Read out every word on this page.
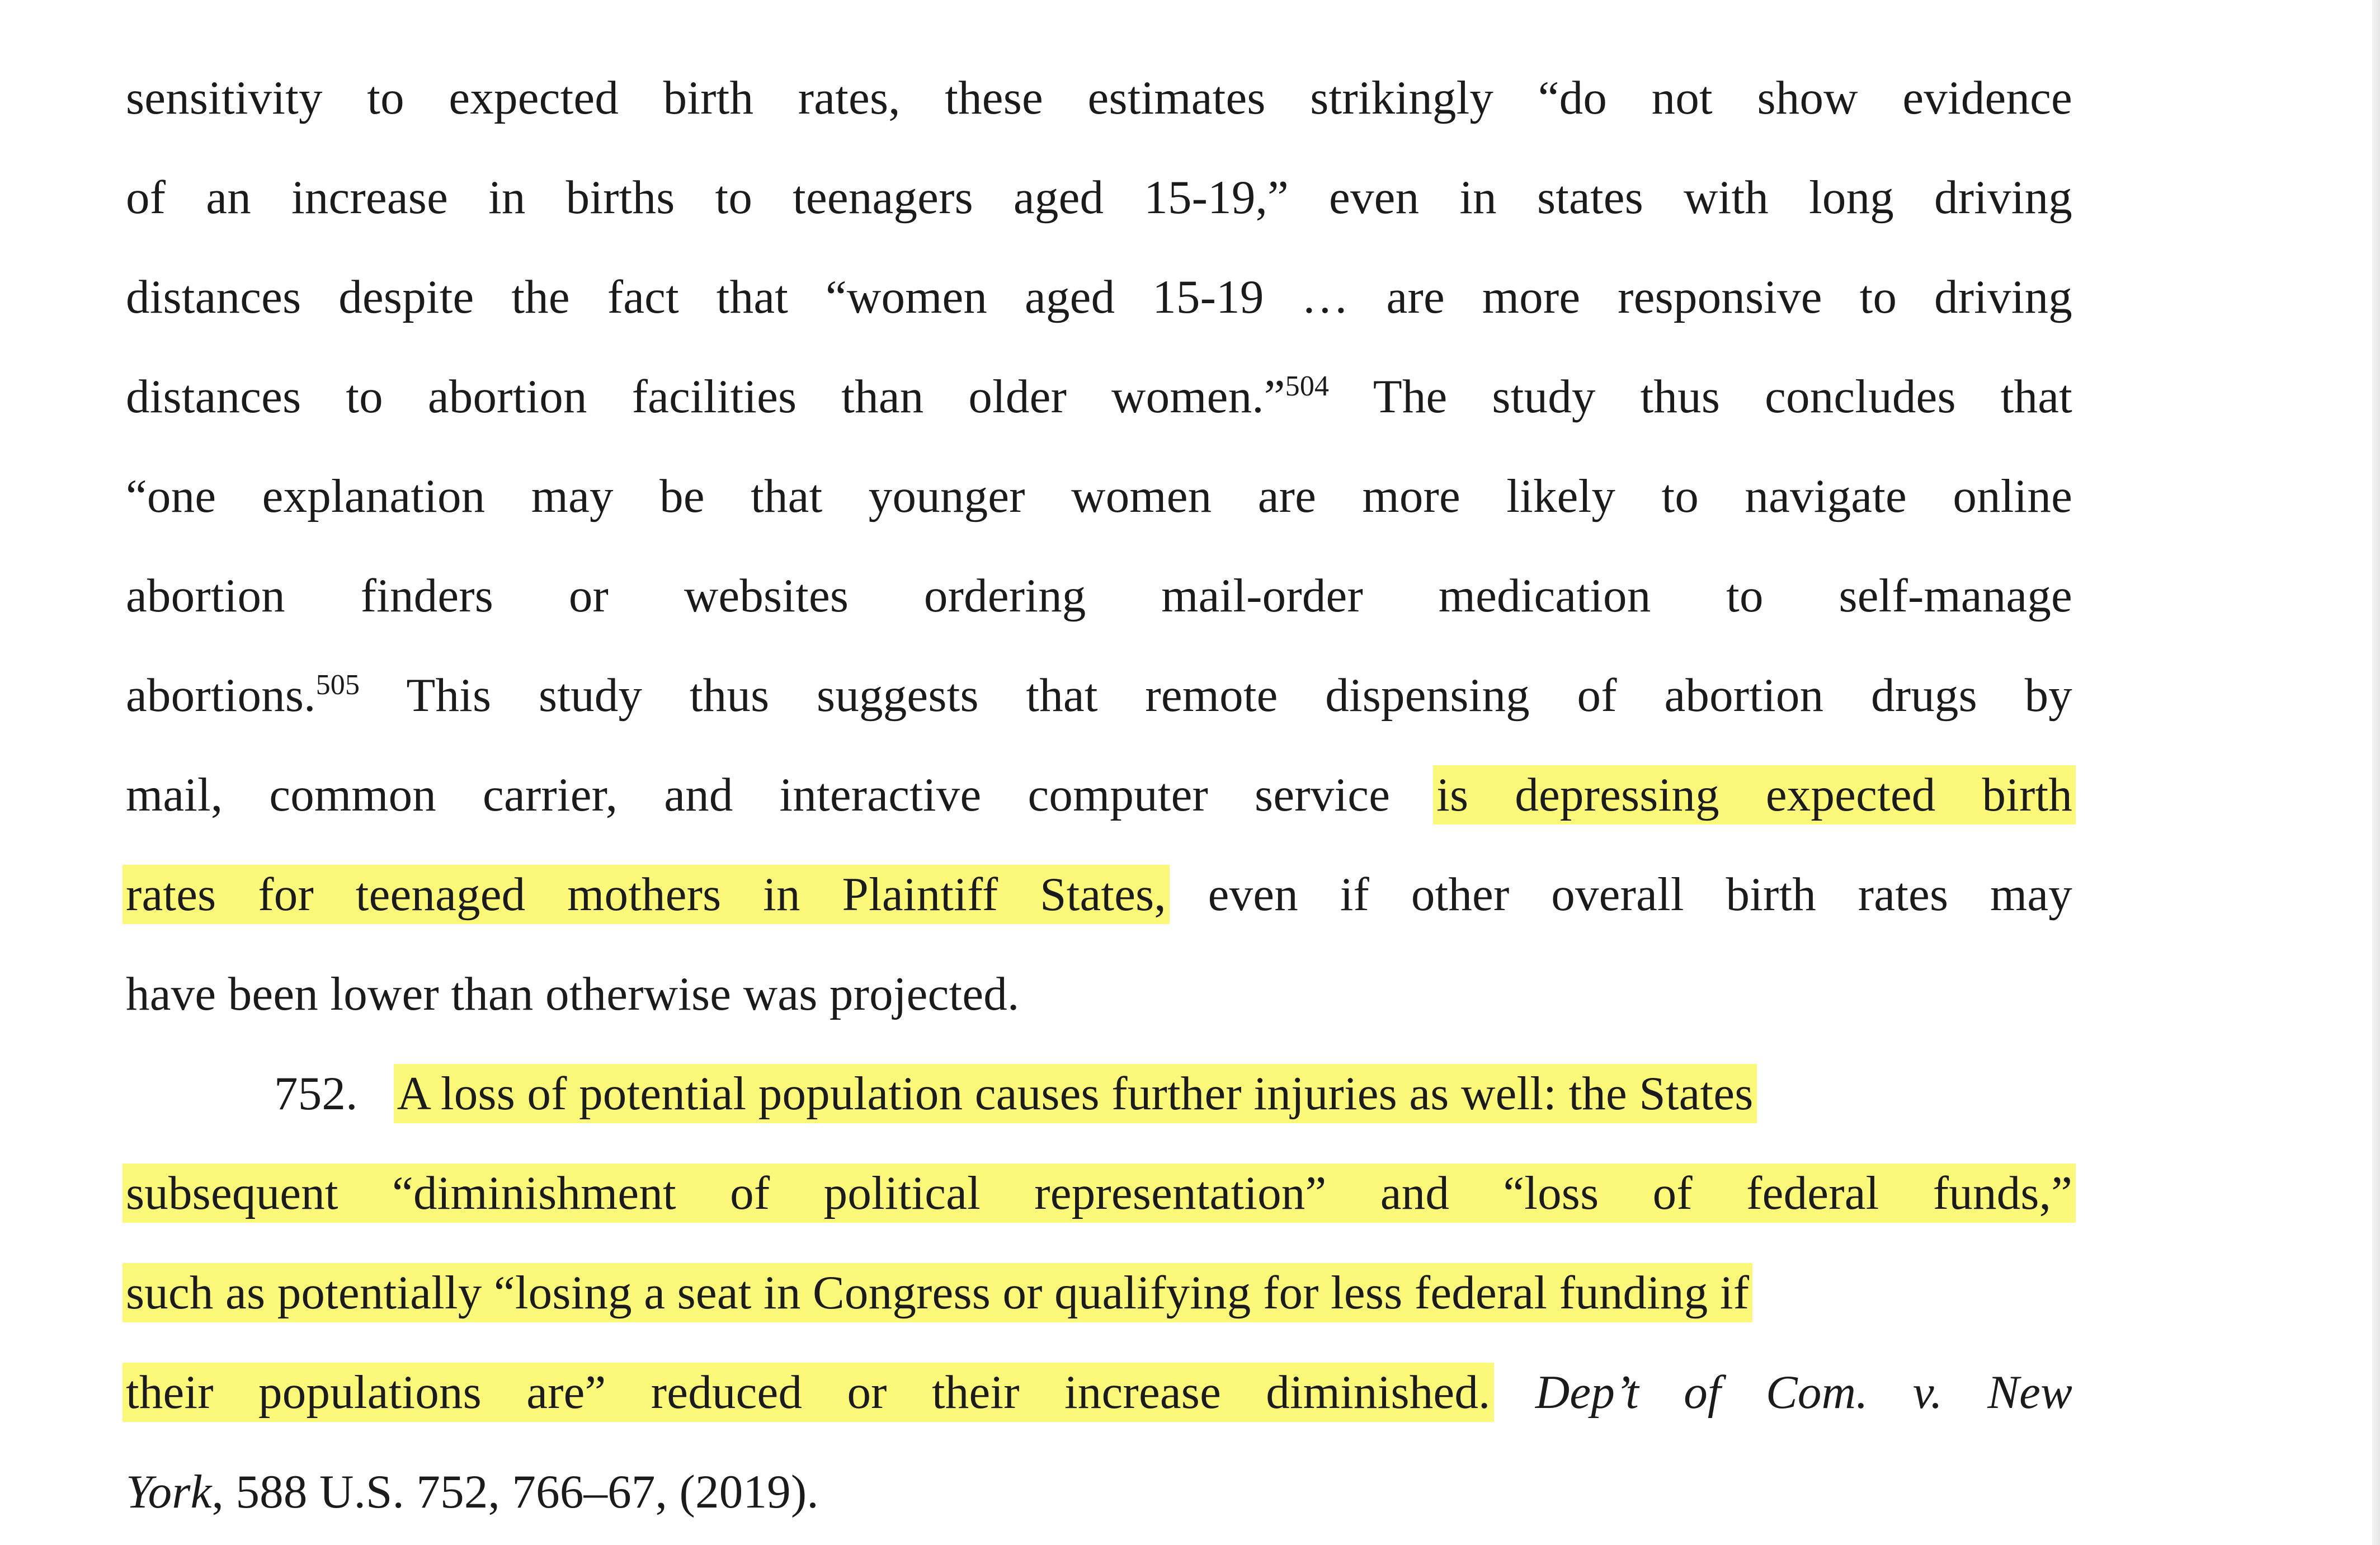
sensitivity to expected birth rates, these estimates strikingly “do not show evidence
of an increase in births to teenagers aged 15-19,” even in states with long driving
distances despite the fact that “women aged 15-19 … are more responsive to driving
distances to abortion facilities than older women.”$^{504}$ The study thus concludes that
“one explanation may be that younger women are more likely to navigate online
abortion finders or websites ordering mail-order medication to self-manage
abortions.$^{505}$ This study thus suggests that remote dispensing of abortion drugs by
mail, common carrier, and interactive computer service is depressing expected birth
rates for teenaged mothers in Plaintiff States, even if other overall birth rates may
have been lower than otherwise was projected.
752. A loss of potential population causes further injuries as well: the States
subsequent “diminishment of political representation” and “loss of federal funds,”
such as potentially “losing a seat in Congress or qualifying for less federal funding if
their populations are” reduced or their increase diminished. Dep’t of Com. v. New
York, 588 U.S. 752, 766–67, (2019).
